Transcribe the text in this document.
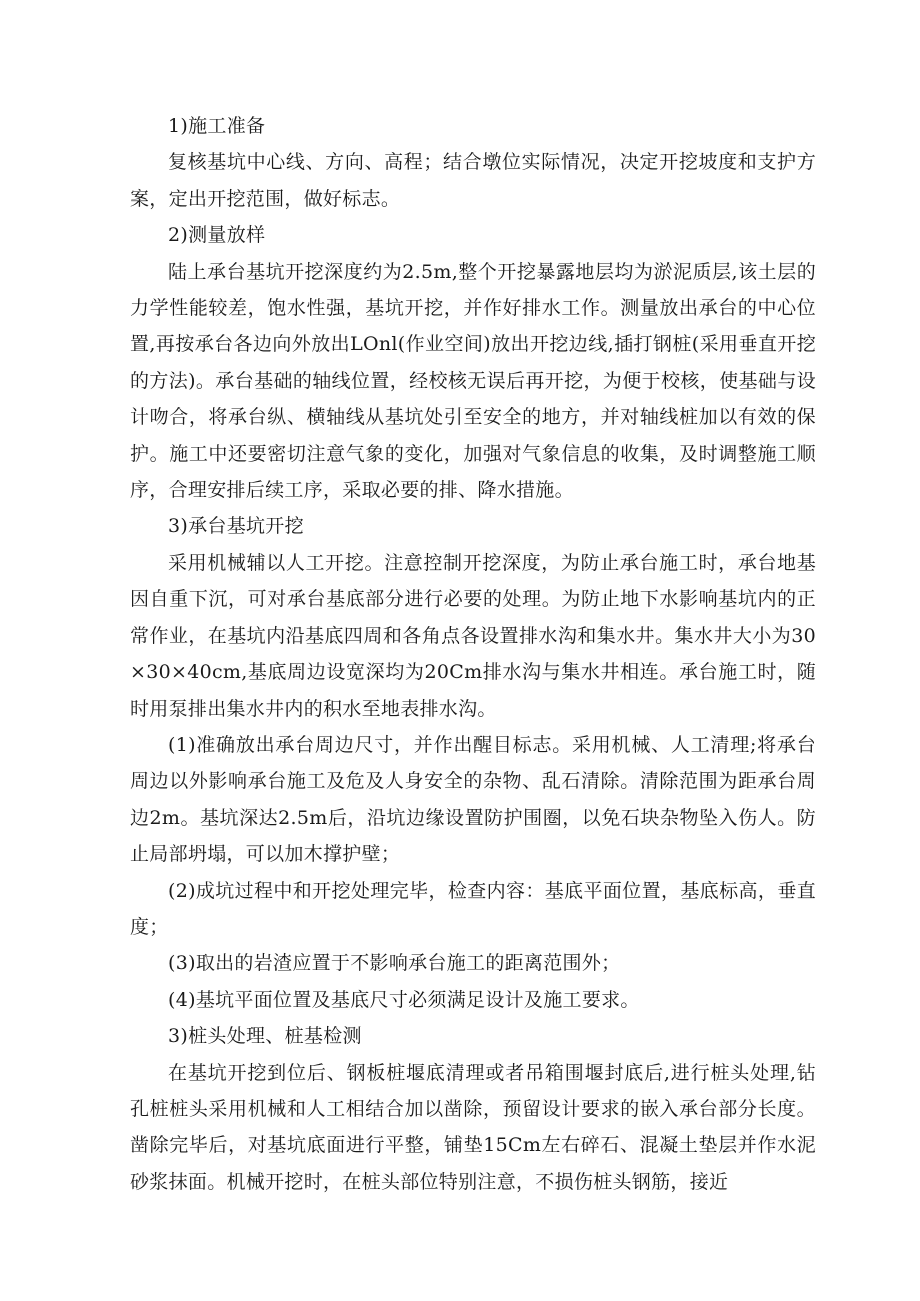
1)施工准备

复核基坑中心线、方向、高程；结合墩位实际情况，决定开挖坡度和支护方案，定出开挖范围，做好标志。

2)测量放样

陆上承台基坑开挖深度约为2.5m,整个开挖暴露地层均为淤泥质层,该土层的力学性能较差，饱水性强，基坑开挖，并作好排水工作。测量放出承台的中心位置,再按承台各边向外放出LOnl(作业空间)放出开挖边线,插打钢桩(采用垂直开挖的方法)。承台基础的轴线位置，经校核无误后再开挖，为便于校核，使基础与设计吻合，将承台纵、横轴线从基坑处引至安全的地方，并对轴线桩加以有效的保护。施工中还要密切注意气象的变化，加强对气象信息的收集，及时调整施工顺序，合理安排后续工序，采取必要的排、降水措施。

3)承台基坑开挖

采用机械辅以人工开挖。注意控制开挖深度，为防止承台施工时，承台地基因自重下沉，可对承台基底部分进行必要的处理。为防止地下水影响基坑内的正常作业，在基坑内沿基底四周和各角点各设置排水沟和集水井。集水井大小为30×30×40cm,基底周边设宽深均为20Cm排水沟与集水井相连。承台施工时，随时用泵排出集水井内的积水至地表排水沟。

(1)准确放出承台周边尺寸，并作出醒目标志。采用机械、人工清理;将承台周边以外影响承台施工及危及人身安全的杂物、乱石清除。清除范围为距承台周边2m。基坑深达2.5m后，沿坑边缘设置防护围圈，以免石块杂物坠入伤人。防止局部坍塌，可以加木撑护壁；

(2)成坑过程中和开挖处理完毕，检查内容：基底平面位置，基底标高，垂直度；

(3)取出的岩渣应置于不影响承台施工的距离范围外；

(4)基坑平面位置及基底尺寸必须满足设计及施工要求。

3)桩头处理、桩基检测

在基坑开挖到位后、钢板桩堰底清理或者吊箱围堰封底后,进行桩头处理,钻孔桩桩头采用机械和人工相结合加以凿除，预留设计要求的嵌入承台部分长度。凿除完毕后，对基坑底面进行平整，铺垫15Cm左右碎石、混凝土垫层并作水泥砂浆抹面。机械开挖时，在桩头部位特别注意，不损伤桩头钢筋，接近
